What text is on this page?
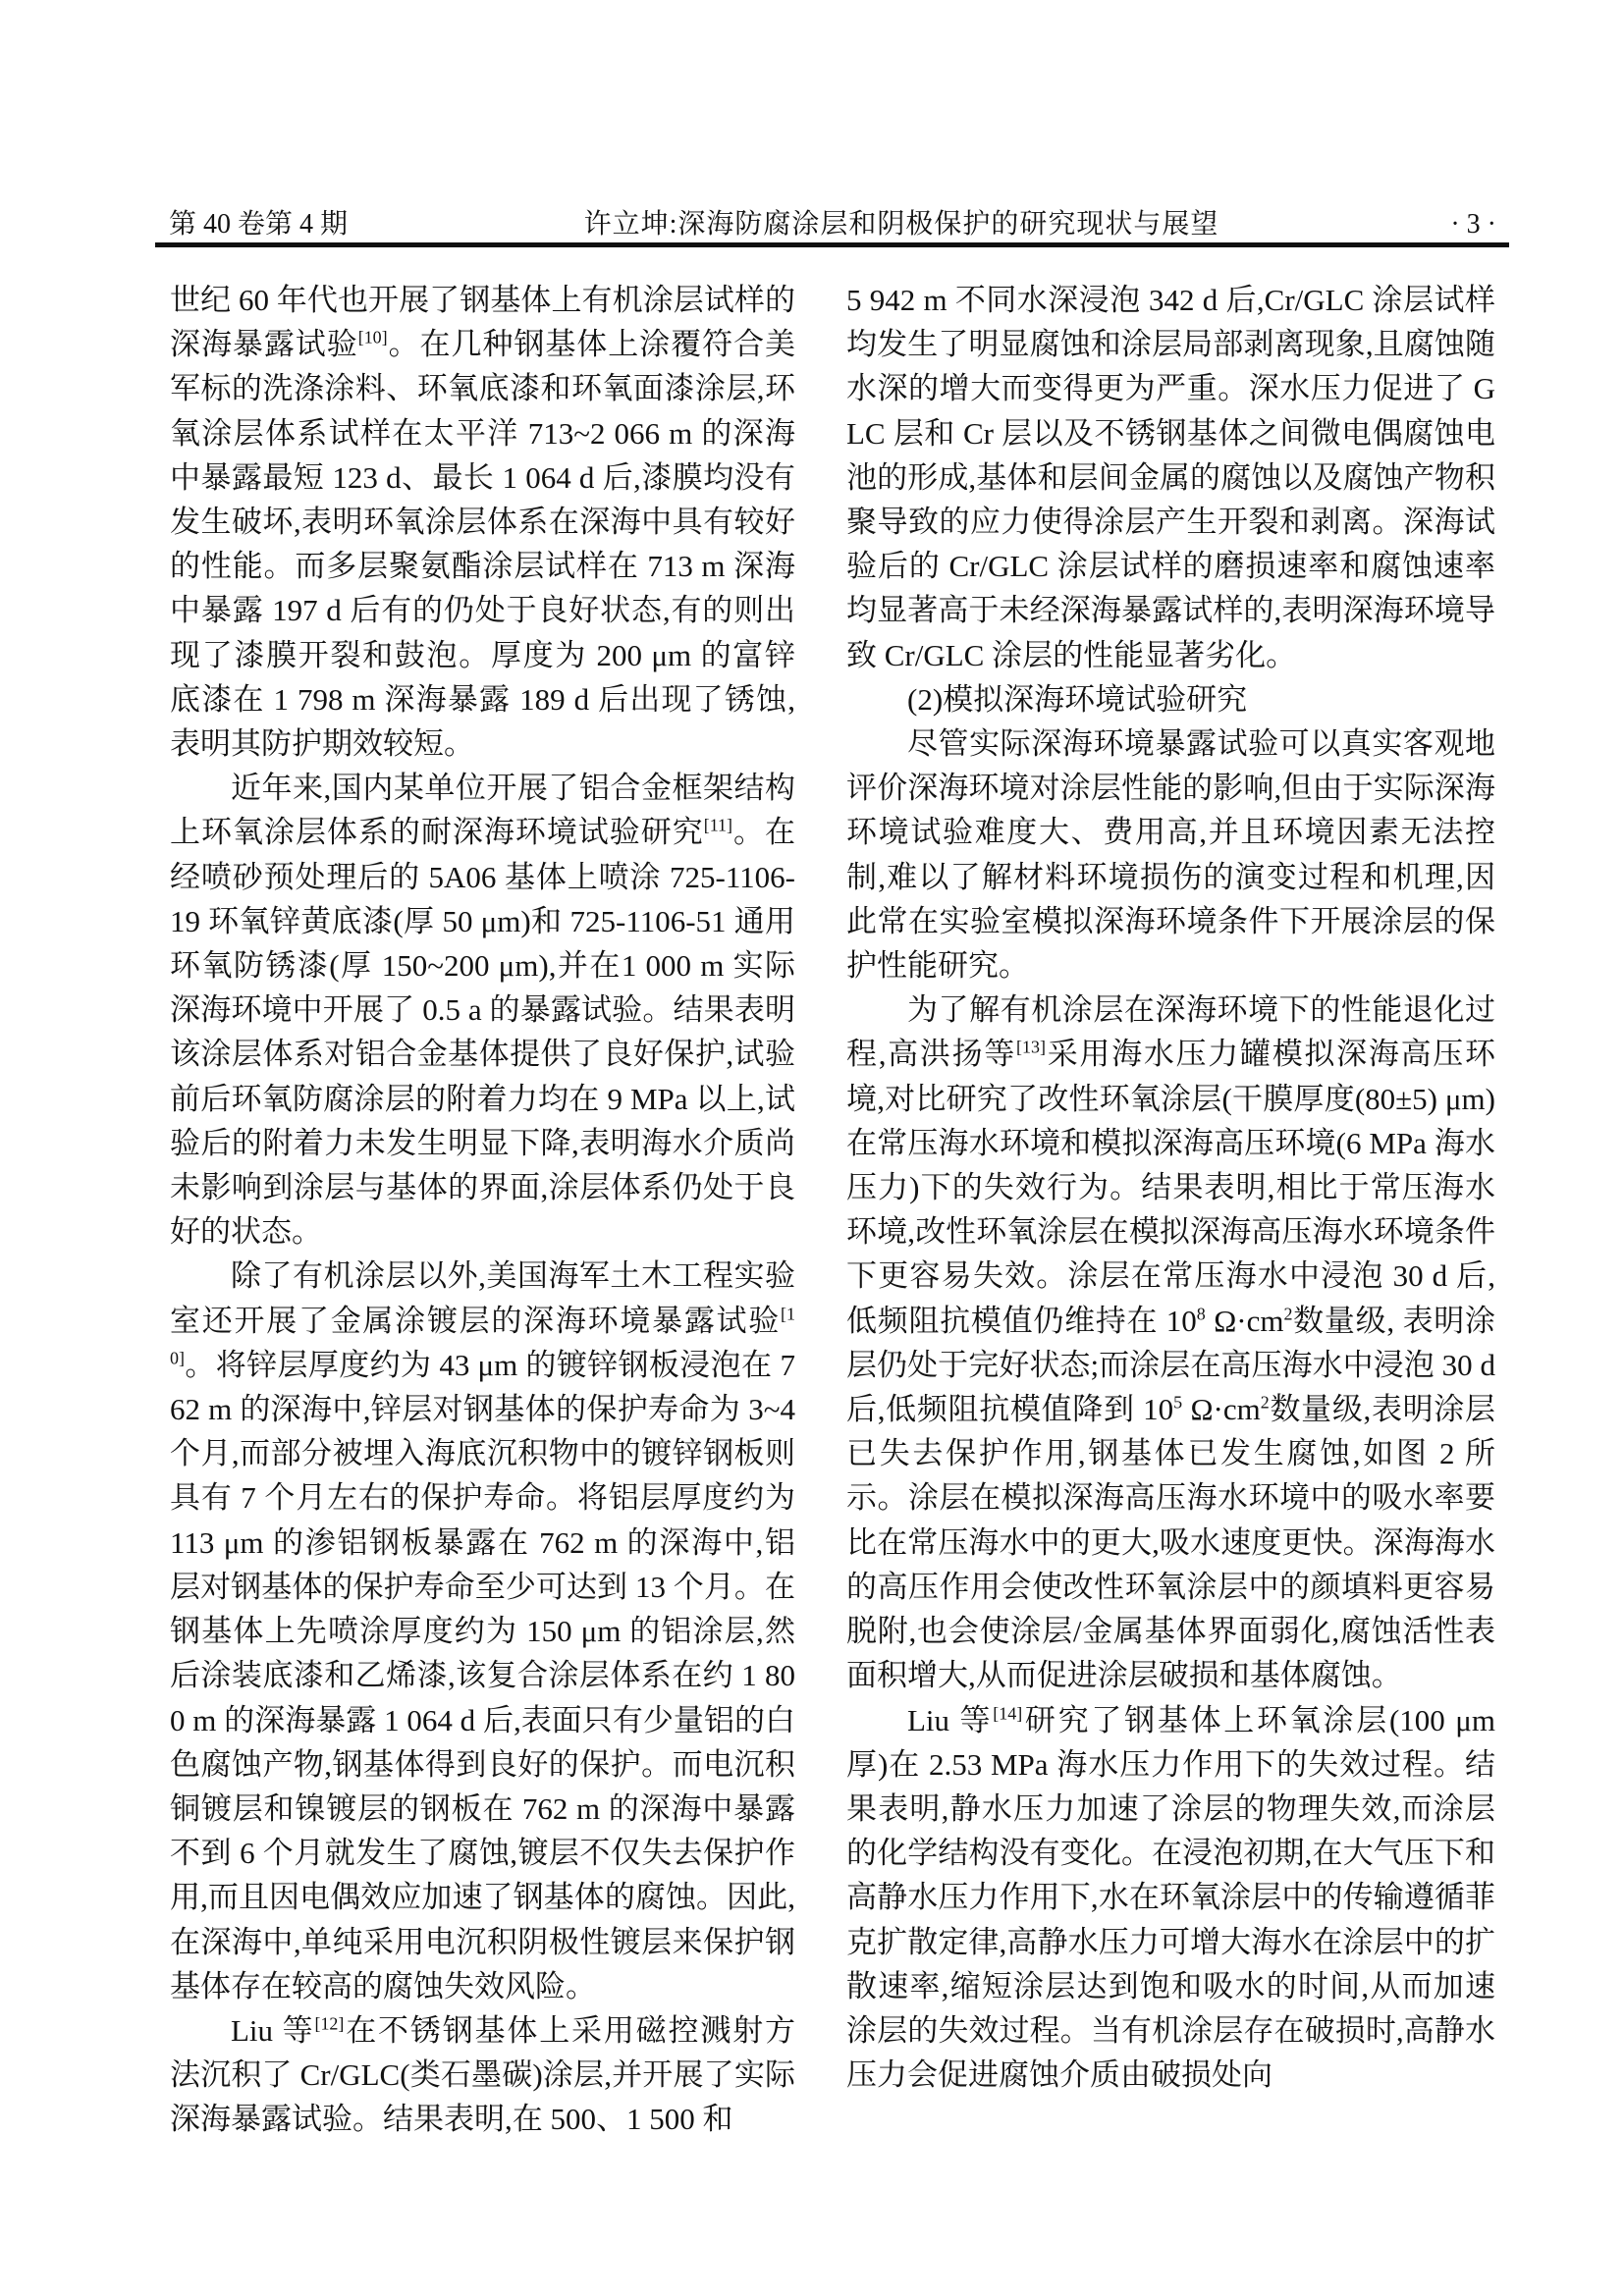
第 40 卷第 4 期	许立坤:深海防腐涂层和阴极保护的研究现状与展望	· 3 ·

世纪 60 年代也开展了钢基体上有机涂层试样的深海暴露试验[10]。在几种钢基体上涂覆符合美军标的洗涤涂料、环氧底漆和环氧面漆涂层,环氧涂层体系试样在太平洋 713~2 066 m 的深海中暴露最短 123 d、最长 1 064 d 后,漆膜均没有发生破坏,表明环氧涂层体系在深海中具有较好的性能。而多层聚氨酯涂层试样在 713 m 深海中暴露 197 d 后有的仍处于良好状态,有的则出现了漆膜开裂和鼓泡。厚度为 200 μm 的富锌底漆在 1 798 m 深海暴露 189 d 后出现了锈蚀,表明其防护期效较短。

近年来,国内某单位开展了铝合金框架结构上环氧涂层体系的耐深海环境试验研究[11]。在经喷砂预处理后的 5A06 基体上喷涂 725-1106-19 环氧锌黄底漆(厚 50 μm)和 725-1106-51 通用环氧防锈漆(厚 150~200 μm),并在1 000 m 实际深海环境中开展了 0.5 a 的暴露试验。结果表明该涂层体系对铝合金基体提供了良好保护,试验前后环氧防腐涂层的附着力均在 9 MPa 以上,试验后的附着力未发生明显下降,表明海水介质尚未影响到涂层与基体的界面,涂层体系仍处于良好的状态。

除了有机涂层以外,美国海军土木工程实验室还开展了金属涂镀层的深海环境暴露试验[10]。将锌层厚度约为 43 μm 的镀锌钢板浸泡在 762 m 的深海中,锌层对钢基体的保护寿命为 3~4 个月,而部分被埋入海底沉积物中的镀锌钢板则具有 7 个月左右的保护寿命。将铝层厚度约为 113 μm 的渗铝钢板暴露在 762 m 的深海中,铝层对钢基体的保护寿命至少可达到 13 个月。在钢基体上先喷涂厚度约为 150 μm 的铝涂层,然后涂装底漆和乙烯漆,该复合涂层体系在约 1 800 m 的深海暴露 1 064 d 后,表面只有少量铝的白色腐蚀产物,钢基体得到良好的保护。而电沉积铜镀层和镍镀层的钢板在 762 m 的深海中暴露不到 6 个月就发生了腐蚀,镀层不仅失去保护作用,而且因电偶效应加速了钢基体的腐蚀。因此,在深海中,单纯采用电沉积阴极性镀层来保护钢基体存在较高的腐蚀失效风险。

Liu 等[12]在不锈钢基体上采用磁控溅射方法沉积了 Cr/GLC(类石墨碳)涂层,并开展了实际深海暴露试验。结果表明,在 500、1 500 和

5 942 m 不同水深浸泡 342 d 后,Cr/GLC 涂层试样均发生了明显腐蚀和涂层局部剥离现象,且腐蚀随水深的增大而变得更为严重。深水压力促进了 GLC 层和 Cr 层以及不锈钢基体之间微电偶腐蚀电池的形成,基体和层间金属的腐蚀以及腐蚀产物积聚导致的应力使得涂层产生开裂和剥离。深海试验后的 Cr/GLC 涂层试样的磨损速率和腐蚀速率均显著高于未经深海暴露试样的,表明深海环境导致 Cr/GLC 涂层的性能显著劣化。

(2)模拟深海环境试验研究

尽管实际深海环境暴露试验可以真实客观地评价深海环境对涂层性能的影响,但由于实际深海环境试验难度大、费用高,并且环境因素无法控制,难以了解材料环境损伤的演变过程和机理,因此常在实验室模拟深海环境条件下开展涂层的保护性能研究。

为了解有机涂层在深海环境下的性能退化过程,高洪扬等[13]采用海水压力罐模拟深海高压环境,对比研究了改性环氧涂层(干膜厚度(80±5) μm)在常压海水环境和模拟深海高压环境(6 MPa 海水压力)下的失效行为。结果表明,相比于常压海水环境,改性环氧涂层在模拟深海高压海水环境条件下更容易失效。涂层在常压海水中浸泡 30 d 后,低频阻抗模值仍维持在 $10^8$ $\Omega\cdot cm^2$数量级, 表明涂层仍处于完好状态;而涂层在高压海水中浸泡 30 d 后,低频阻抗模值降到 $10^5$ $\Omega\cdot cm^2$数量级,表明涂层已失去保护作用,钢基体已发生腐蚀,如图 2 所示。涂层在模拟深海高压海水环境中的吸水率要比在常压海水中的更大,吸水速度更快。深海海水的高压作用会使改性环氧涂层中的颜填料更容易脱附,也会使涂层/金属基体界面弱化,腐蚀活性表面积增大,从而促进涂层破损和基体腐蚀。

Liu 等[14]研究了钢基体上环氧涂层(100 μm 厚)在 2.53 MPa 海水压力作用下的失效过程。结果表明,静水压力加速了涂层的物理失效,而涂层的化学结构没有变化。在浸泡初期,在大气压下和高静水压力作用下,水在环氧涂层中的传输遵循菲克扩散定律,高静水压力可增大海水在涂层中的扩散速率,缩短涂层达到饱和吸水的时间,从而加速涂层的失效过程。当有机涂层存在破损时,高静水压力会促进腐蚀介质由破损处向
